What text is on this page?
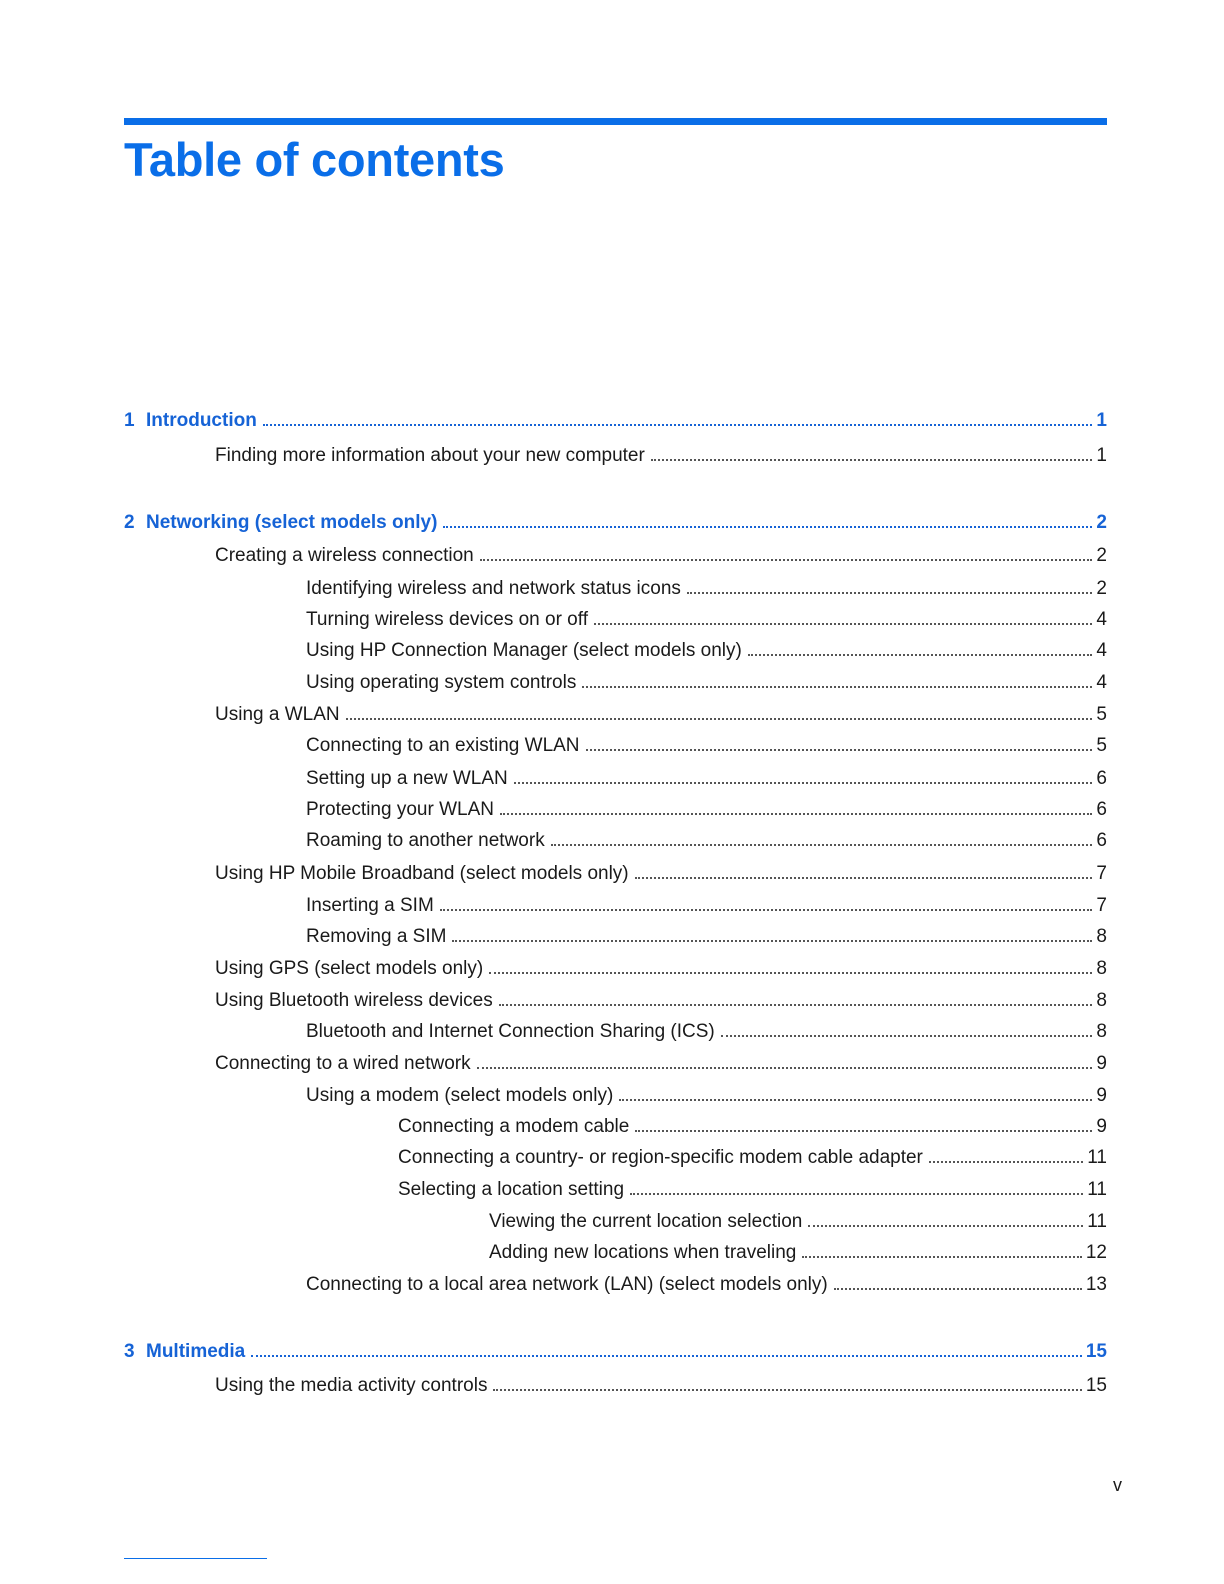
Table of contents
1 Introduction	1
Finding more information about your new computer	1
2 Networking (select models only)	2
Creating a wireless connection	2
Identifying wireless and network status icons	2
Turning wireless devices on or off	4
Using HP Connection Manager (select models only)	4
Using operating system controls	4
Using a WLAN	5
Connecting to an existing WLAN	5
Setting up a new WLAN	6
Protecting your WLAN	6
Roaming to another network	6
Using HP Mobile Broadband (select models only)	7
Inserting a SIM	7
Removing a SIM	8
Using GPS (select models only)	8
Using Bluetooth wireless devices	8
Bluetooth and Internet Connection Sharing (ICS)	8
Connecting to a wired network	9
Using a modem (select models only)	9
Connecting a modem cable	9
Connecting a country- or region-specific modem cable adapter	11
Selecting a location setting	11
Viewing the current location selection	11
Adding new locations when traveling	12
Connecting to a local area network (LAN) (select models only)	13
3 Multimedia	15
Using the media activity controls	15
v
